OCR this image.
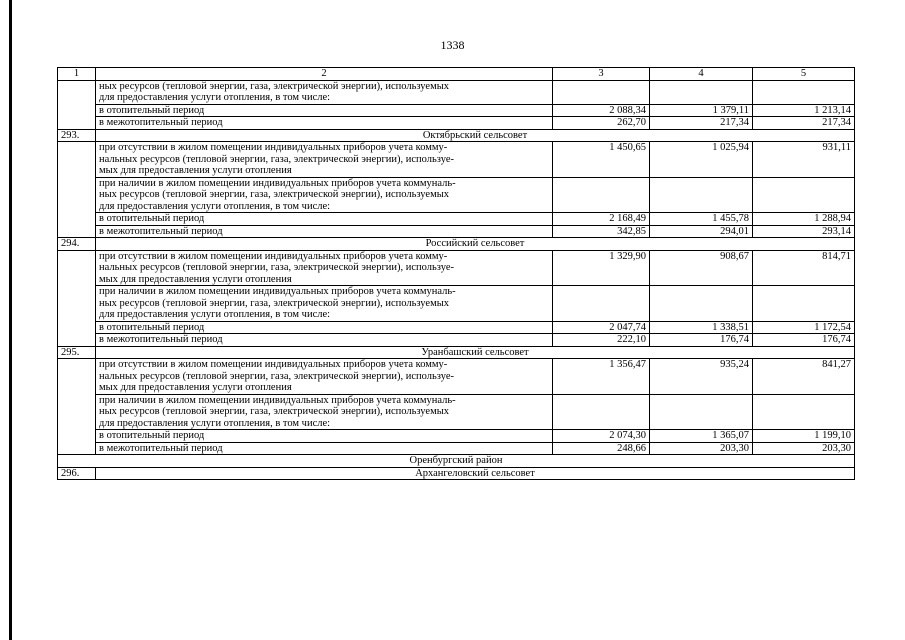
1338
1	2	3	4	5

	ных ресурсов (тепловой энергии, газа, электрической энергии), используемых
для предоставления услуги отопления, в том числе:			

	в отопительный период	2 088,34	1 379,11	1 213,14
	в межотопительный период	262,70	217,34	217,34
293.	Октябрьский сельсовет			

	при отсутствии в жилом помещении индивидуальных приборов учета комму-
нальных ресурсов (тепловой энергии, газа, электрической энергии), используе-
мых для предоставления услуги отопления	1 450,65	1 025,94	931,11

	при наличии в жилом помещении индивидуальных приборов учета коммуналь-
ных ресурсов (тепловой энергии, газа, электрической энергии), используемых
для предоставления услуги отопления, в том числе:			

	в отопительный период	2 168,49	1 455,78	1 288,94
	в межотопительный период	342,85	294,01	293,14
294.	Российский сельсовет			

	при отсутствии в жилом помещении индивидуальных приборов учета комму-
нальных ресурсов (тепловой энергии, газа, электрической энергии), используе-
мых для предоставления услуги отопления	1 329,90	908,67	814,71

	при наличии в жилом помещении индивидуальных приборов учета коммуналь-
ных ресурсов (тепловой энергии, газа, электрической энергии), используемых
для предоставления услуги отопления, в том числе:			

	в отопительный период	2 047,74	1 338,51	1 172,54
	в межотопительный период	222,10	176,74	176,74
295.	Уранбашский сельсовет			

	при отсутствии в жилом помещении индивидуальных приборов учета комму-
нальных ресурсов (тепловой энергии, газа, электрической энергии), используе-
мых для предоставления услуги отопления	1 356,47	935,24	841,27

	при наличии в жилом помещении индивидуальных приборов учета коммуналь-
ных ресурсов (тепловой энергии, газа, электрической энергии), используемых
для предоставления услуги отопления, в том числе:			

	в отопительный период	2 074,30	1 365,07	1 199,10
	в межотопительный период	248,66	203,30	203,30
Оренбургский район				
296.	Архангеловский сельсовет			
